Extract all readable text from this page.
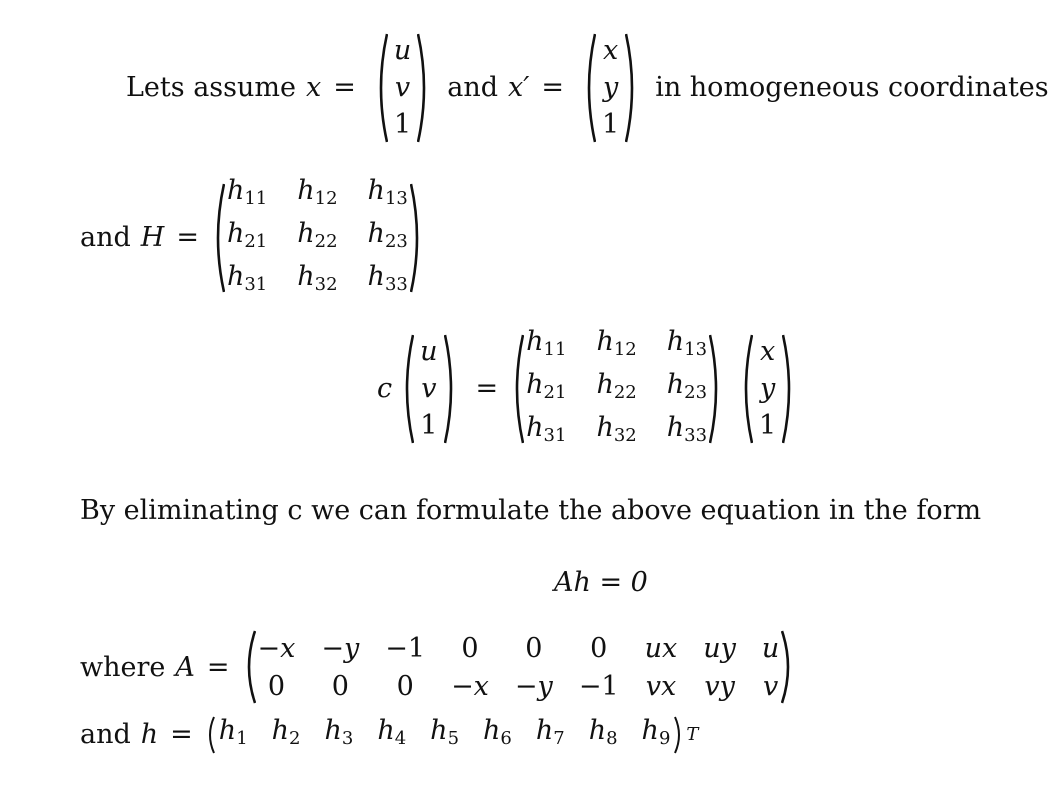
Lets assume x =
u
v
1
and x′ =
x
y
1
in homogeneous coordinates
and H =
$h_{11}$ $h_{12}$ $h_{13}$
$h_{21}$ $h_{22}$ $h_{23}$
$h_{31}$ $h_{32}$ $h_{33}$
c
u
v
1
=
$h_{11}$ $h_{12}$ $h_{13}$
$h_{21}$ $h_{22}$ $h_{23}$
$h_{31}$ $h_{32}$ $h_{33}$
x
y
1
By eliminating c we can formulate the above equation in the form
Ah = 0
where A =
−x −y −1 0 0 0 ux uy u
0 0 0 −x −y −1 vx vy v
and $h = h_1$ $h_2$ $h_3$ $h_4$ $h_5$ $h_6$ $h_7$ $h_8$ $h_9$ T
